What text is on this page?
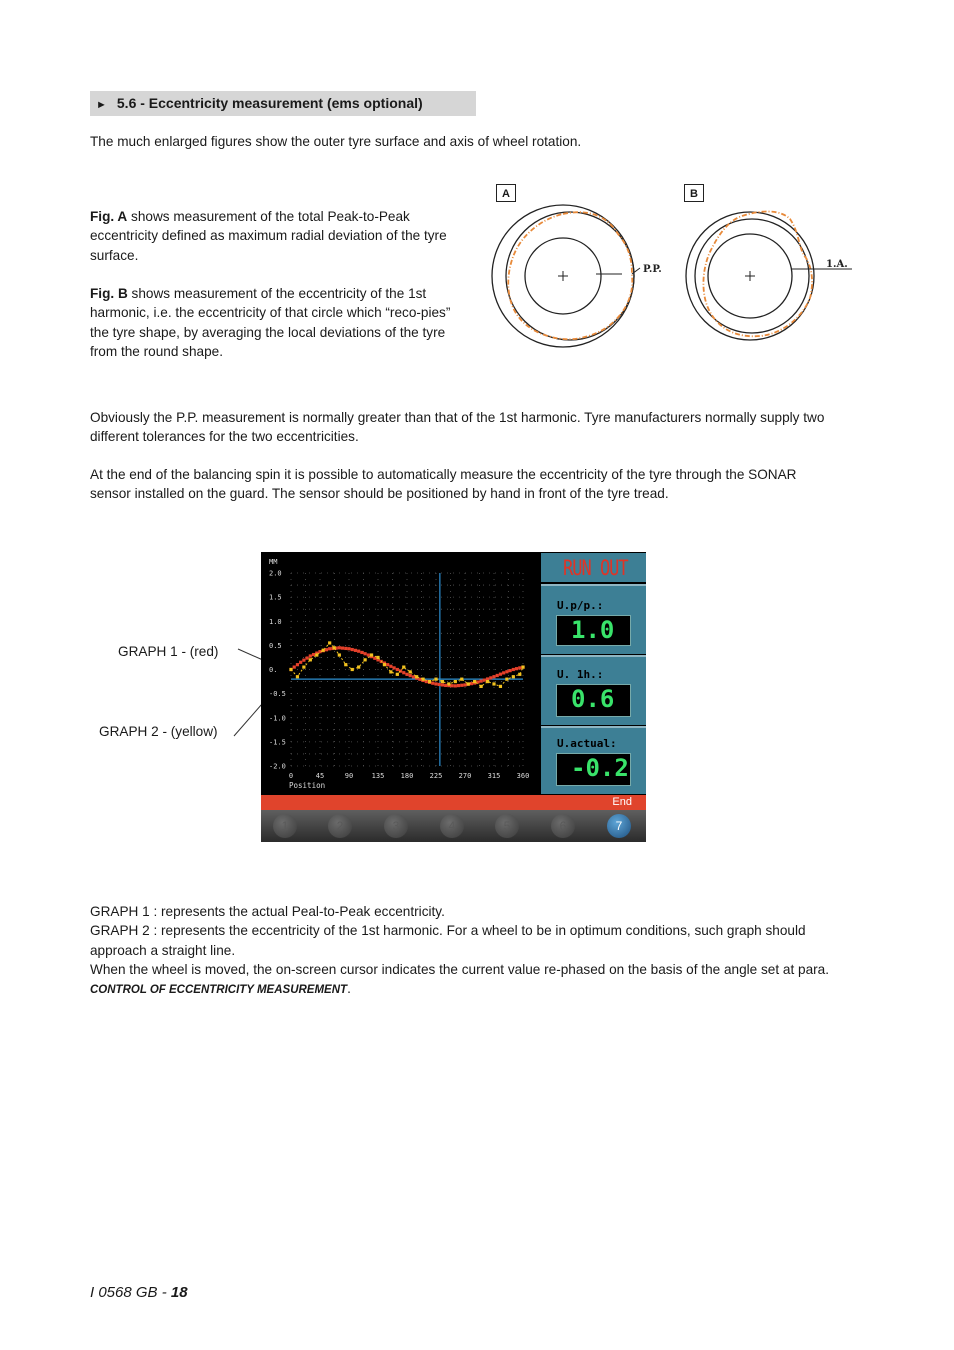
► 5.6 - Eccentricity measurement (ems optional)
The much enlarged figures show the outer tyre surface and axis of wheel rotation.
Fig. A shows measurement of the total Peak-to-Peak eccentricity defined as maximum radial deviation of the tyre surface.
Fig. B shows measurement of the eccentricity of the 1st harmonic, i.e. the eccentricity of that circle which “reco-pies” the tyre shape, by averaging the local deviations of the tyre from the round shape.
A	B
P.P.	1.A.
Obviously the P.P. measurement is normally greater than that of the 1st harmonic. Tyre manufacturers normally supply two different tolerances for the two eccentricities.
At the end of the balancing spin it is possible to automatically measure the eccentricity of the tyre through the SONAR sensor installed on the guard. The sensor should be positioned by hand in front of the tyre tread.
GRAPH 1 - (red)
GRAPH 2 - (yellow)
MM
Position
2.0
1.5
1.0
0.5
0.
-0.5
-1.0
-1.5
-2.0
0	45	90	135 180 225 270 315 360
RUN OUT
U.p/p.:
1.0
U. 1h.:
0.6
U.actual:
-0.2
End
1	2	3	4	5	6	7
GRAPH 1 : represents the actual Peal-to-Peak eccentricity.
GRAPH 2 : represents the eccentricity of the 1st harmonic. For a wheel to be in optimum conditions, such graph should approach a straight line.
When the wheel is moved, the on-screen cursor indicates the current value re-phased on the basis of the angle set at para. CONTROL OF ECCENTRICITY MEASUREMENT.
I 0568 GB - 18
